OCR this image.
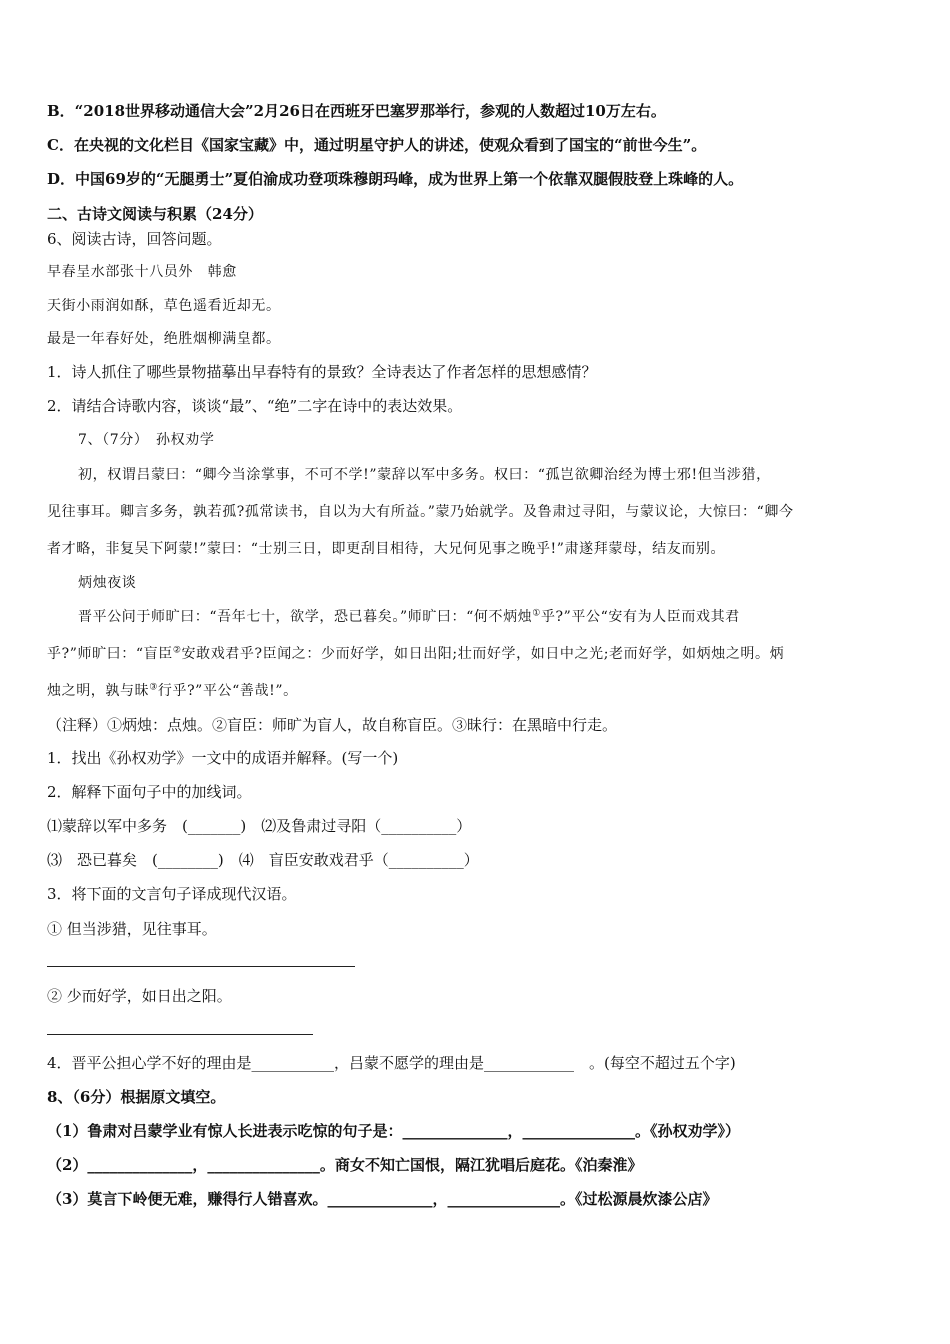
B．“2018世界移动通信大会”2月26日在西班牙巴塞罗那举行，参观的人数超过10万左右。
C．在央视的文化栏目《国家宝藏》中，通过明星守护人的讲述，使观众看到了国宝的“前世今生”。
D．中国69岁的“无腿勇士”夏伯渝成功登项珠穆朗玛峰，成为世界上第一个依靠双腿假肢登上珠峰的人。
二、古诗文阅读与积累（24分）
6、阅读古诗，回答问题。
早春呈水部张十八员外　韩愈
天街小雨润如酥，草色遥看近却无。
最是一年春好处，绝胜烟柳满皇都。
1．诗人抓住了哪些景物描摹出早春特有的景致？全诗表达了作者怎样的思想感情？
2．请结合诗歌内容，谈谈“最”、“绝”二字在诗中的表达效果。
7、（7分）　孙权劝学
初，权谓吕蒙曰：“卿今当涂掌事，不可不学!”蒙辞以军中多务。权曰：“孤岂欲卿治经为博士邪!但当涉猎，
见往事耳。卿言多务，孰若孤?孤常读书，自以为大有所益。”蒙乃始就学。及鲁肃过寻阳，与蒙议论，大惊曰：“卿今
者才略，非复吴下阿蒙!”蒙曰：“士别三日，即更刮目相待，大兄何见事之晚乎!”肃遂拜蒙母，结友而别。
炳烛夜谈
晋平公问于师旷曰：“吾年七十，欲学，恐已暮矣。”师旷曰：“何不炳烛①乎?”平公“安有为人臣而戏其君
乎?”师旷曰：“盲臣②安敢戏君乎?臣闻之：少而好学，如日出阳;壮而好学，如日中之光;老而好学，如炳烛之明。炳
烛之明，孰与昧③行乎?”平公“善哉!”。
（注释）①炳烛：点烛。②盲臣：师旷为盲人，故自称盲臣。③昧行：在黑暗中行走。
1．找出《孙权劝学》一文中的成语并解释。(写一个)
2．解释下面句子中的加线词。
⑴蒙辞以军中多务　(_______)　⑵及鲁肃过寻阳（__________）
⑶　恐已暮矣　(________)　⑷　盲臣安敢戏君乎（__________）
3．将下面的文言句子译成现代汉语。
① 但当涉猎，见往事耳。
② 少而好学，如日出之阳。
4．晋平公担心学不好的理由是___________，吕蒙不愿学的理由是____________　。(每空不超过五个字)
8、（6分）根据原文填空。
（1）鲁肃对吕蒙学业有惊人长进表示吃惊的句子是：______________，_______________。《孙权劝学》）
（2）______________，_______________。商女不知亡国恨，隔江犹唱后庭花。《泊秦淮》
（3）莫言下岭便无难，赚得行人错喜欢。______________，_______________。《过松源晨炊漆公店》
